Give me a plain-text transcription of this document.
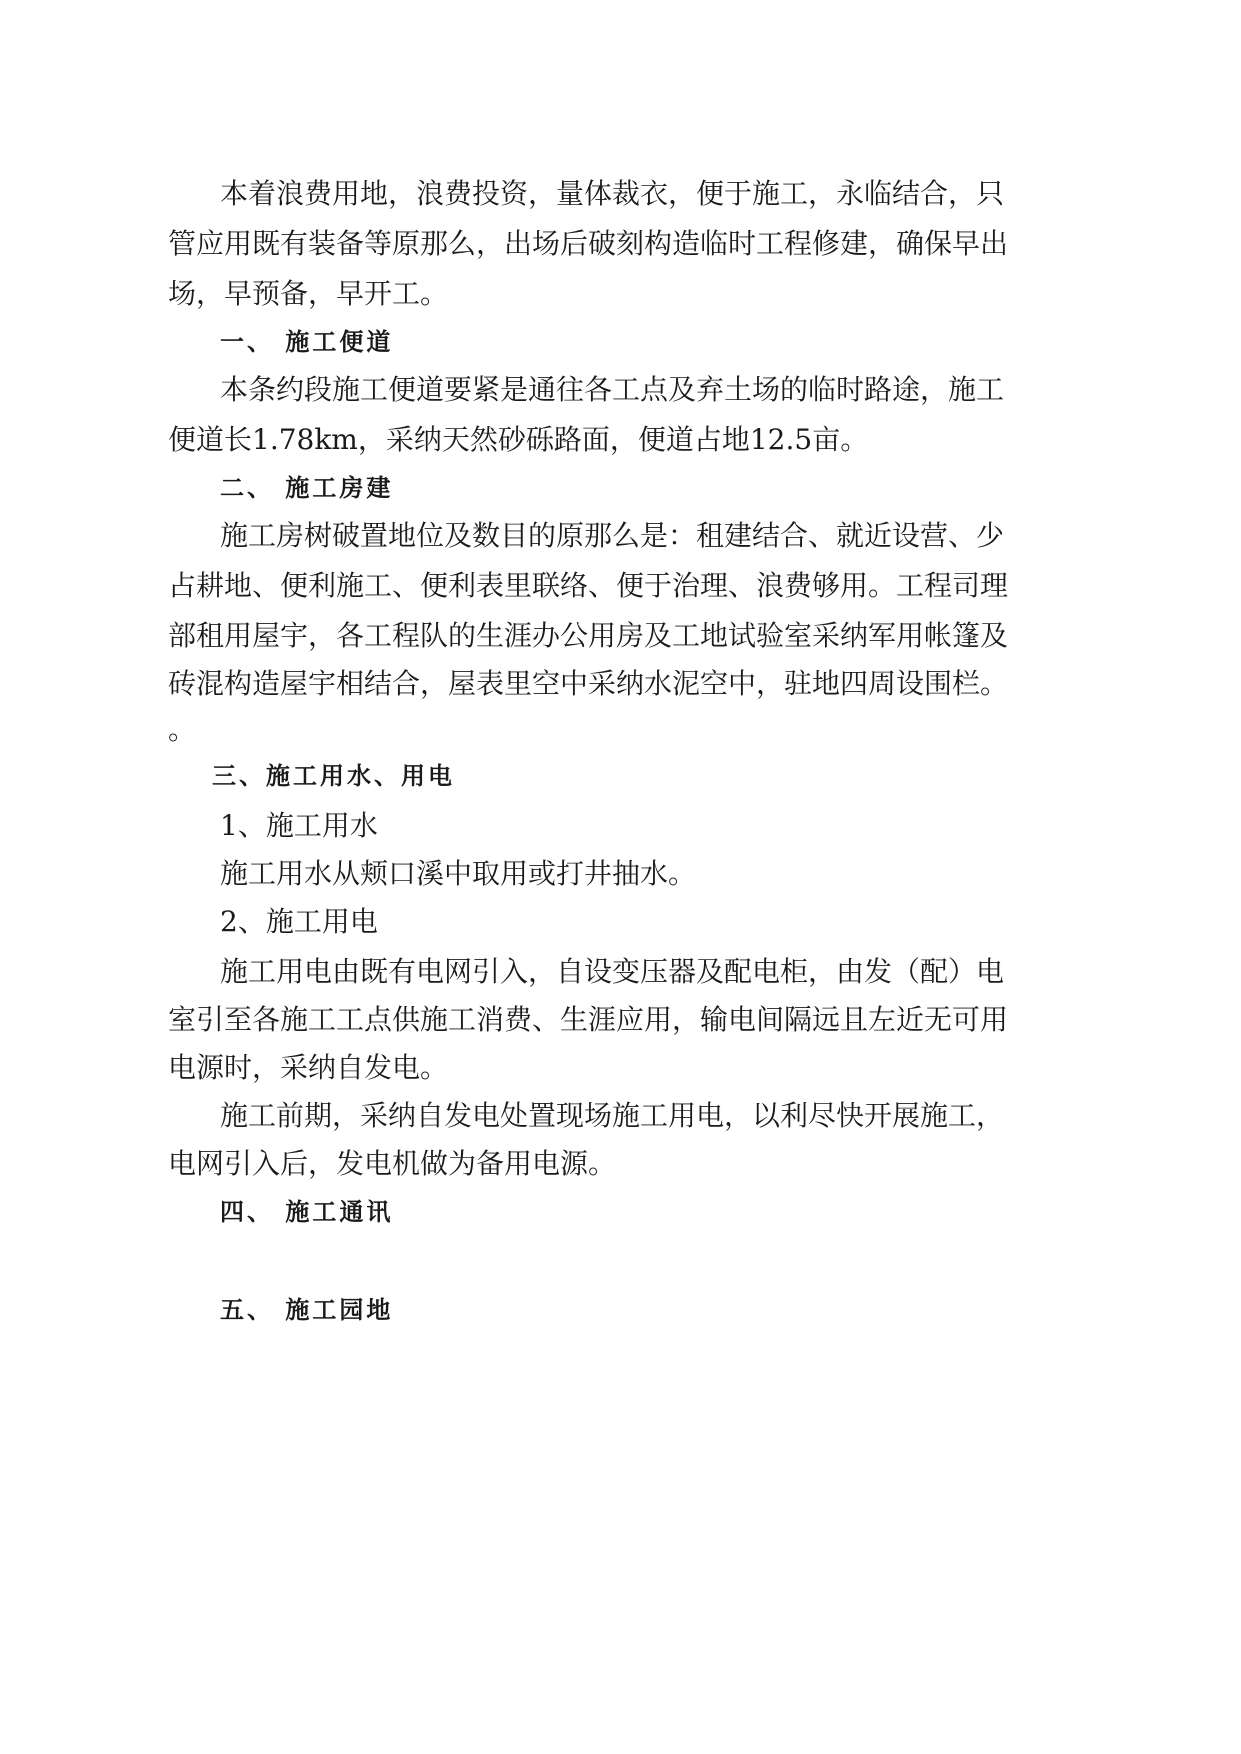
本着浪费用地，浪费投资，量体裁衣，便于施工，永临结合，只
管应用既有装备等原那么，出场后破刻构造临时工程修建，确保早出
场，早预备，早开工。
一、 施工便道
本条约段施工便道要紧是通往各工点及弃土场的临时路途，施工
便道长1.78km，采纳天然砂砾路面，便道占地12.5亩。
二、 施工房建
施工房树破置地位及数目的原那么是：租建结合、就近设营、少
占耕地、便利施工、便利表里联络、便于治理、浪费够用。工程司理
部租用屋宇，各工程队的生涯办公用房及工地试验室采纳军用帐篷及
砖混构造屋宇相结合，屋表里空中采纳水泥空中，驻地四周设围栏。
。
三、施工用水、用电
1、施工用水
施工用水从颊口溪中取用或打井抽水。
2、施工用电
施工用电由既有电网引入，自设变压器及配电柜，由发（配）电
室引至各施工工点供施工消费、生涯应用，输电间隔远且左近无可用
电源时，采纳自发电。
施工前期，采纳自发电处置现场施工用电，以利尽快开展施工，
电网引入后，发电机做为备用电源。
四、 施工通讯
五、 施工园地
